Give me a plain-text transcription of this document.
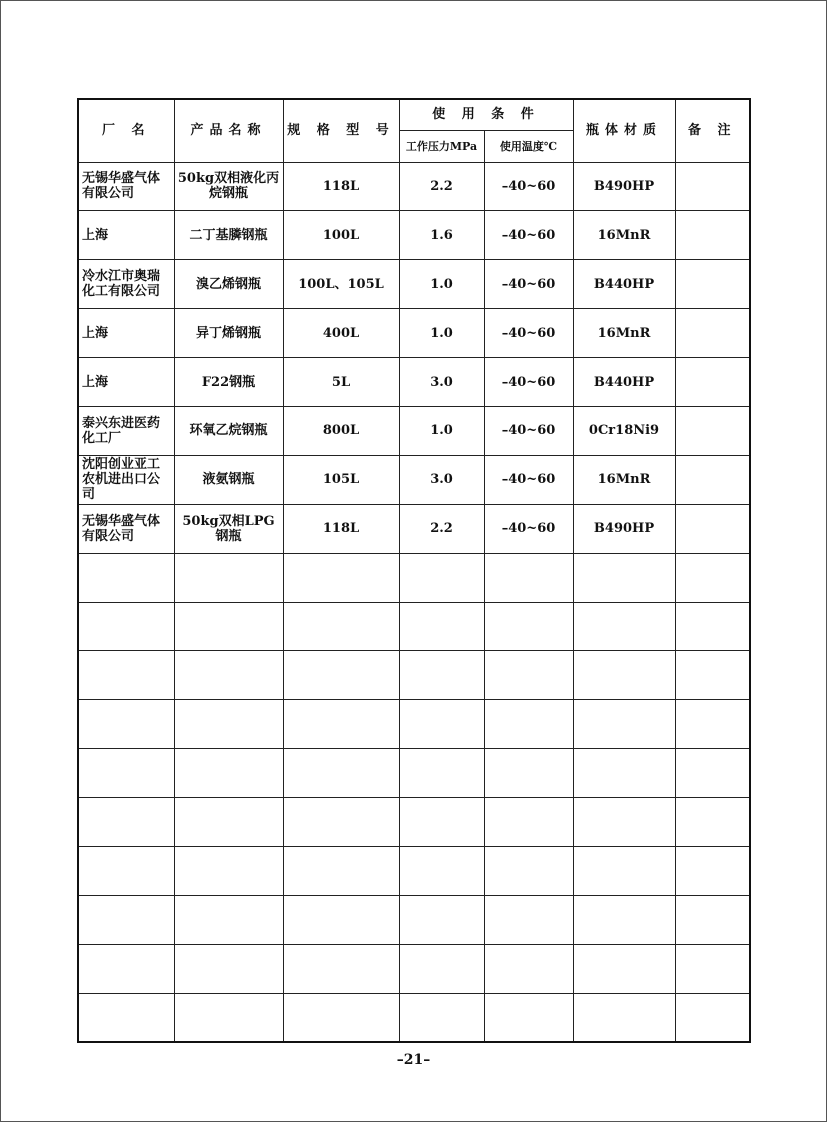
厂 名	产品名称	规 格 型 号	使 用 条 件		瓶体材质	备 注
			工作压力MPa	使用温度℃		
无锡华盛气体有限公司	50kg双相液化丙烷钢瓶	118L	2.2	–40~60	B490HP	
上海	二丁基膦钢瓶	100L	1.6	–40~60	16MnR	
冷水江市奥瑞化工有限公司	溴乙烯钢瓶	100L、105L	1.0	–40~60	B440HP	
上海	异丁烯钢瓶	400L	1.0	–40~60	16MnR	
上海	F22钢瓶	5L	3.0	–40~60	B440HP	
泰兴东进医药化工厂	环氧乙烷钢瓶	800L	1.0	–40~60	0Cr18Ni9	
沈阳创业亚工农机进出口公司	液氨钢瓶	105L	3.0	–40~60	16MnR	
无锡华盛气体有限公司	50kg双相LPG钢瓶	118L	2.2	–40~60	B490HP	

–21–
